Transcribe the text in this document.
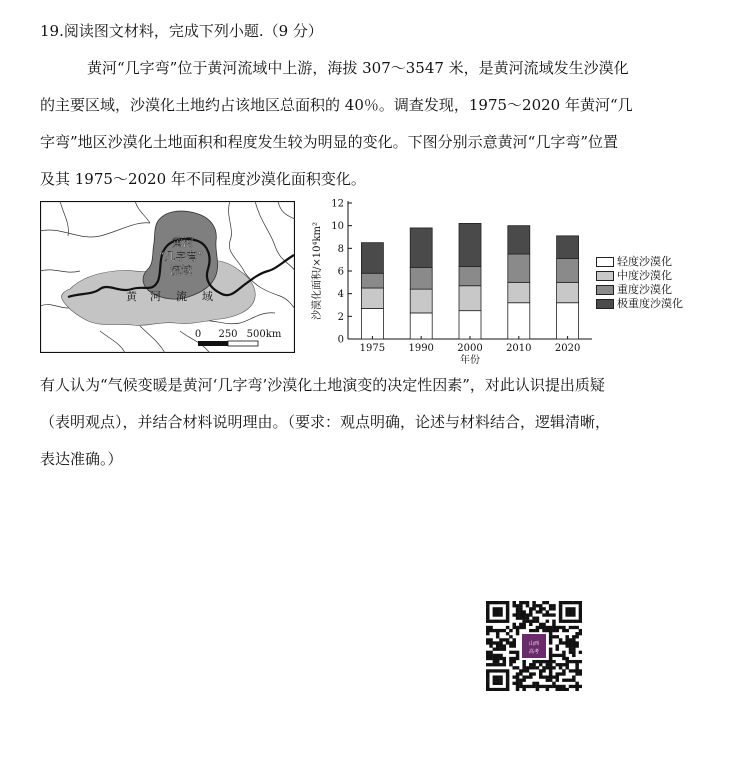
19.阅读图文材料，完成下列小题.（9 分）
黄河“几字弯”位于黄河流域中上游，海拔 307～3547 米，是黄河流域发生沙漠化
的主要区域，沙漠化土地约占该地区总面积的 40％。调查发现，1975～2020 年黄河“几
字弯”地区沙漠化土地面积和程度发生较为明显的变化。下图分别示意黄河“几字弯”位置
及其 1975～2020 年不同程度沙漠化面积变化。
黄河
“几字弯”
流域
黄 河 流 域
0 250 500km	0
2
4
6
8
10
12
1975 1990 2000 2010 2020
沙漠化面积/×10⁴km²
年份
轻度沙漠化
中度沙漠化
重度沙漠化
极重度沙漠化
有人认为“气候变暖是黄河‘几字弯’沙漠化土地演变的决定性因素”，对此认识提出质疑
（表明观点），并结合材料说明理由。（要求：观点明确，论述与材料结合，逻辑清晰，
表达准确。）
山西
高考
